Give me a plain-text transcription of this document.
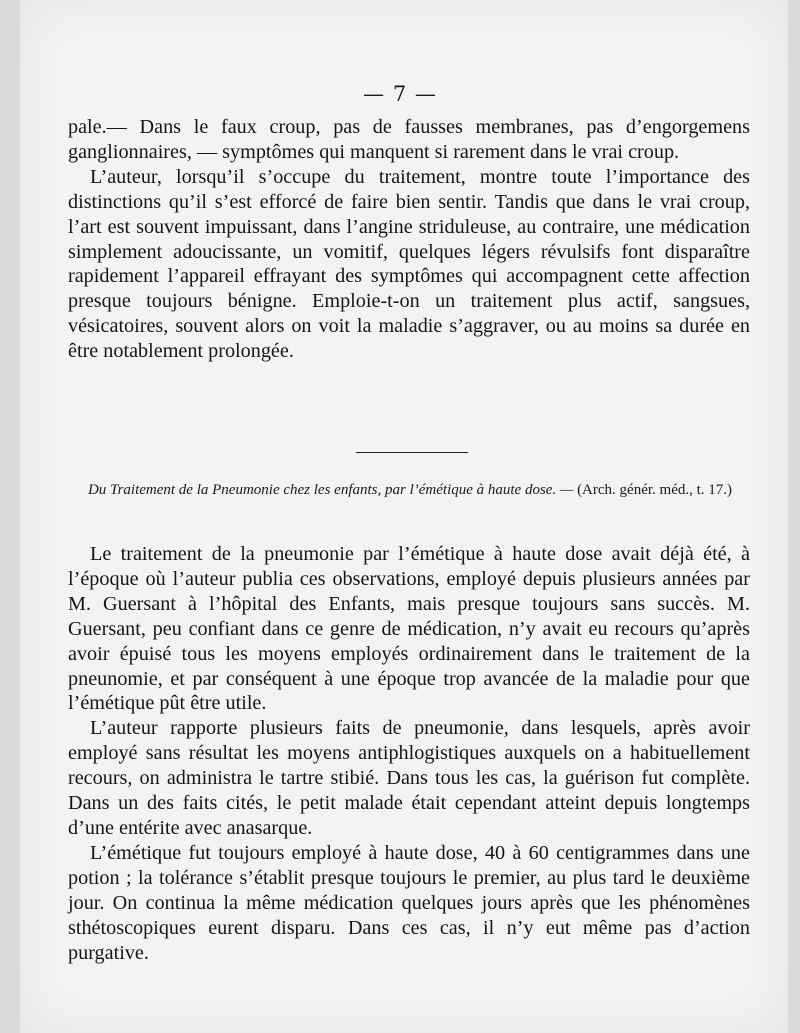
— 7 —

pale.— Dans le faux croup, pas de fausses membranes, pas d’engorgemens ganglionnaires, — symptômes qui manquent si rarement dans le vrai croup.

L’auteur, lorsqu’il s’occupe du traitement, montre toute l’importance des distinctions qu’il s’est efforcé de faire bien sentir. Tandis que dans le vrai croup, l’art est souvent impuissant, dans l’angine striduleuse, au contraire, une médication simplement adoucissante, un vomitif, quelques légers révulsifs font disparaître rapidement l’appareil effrayant des symptômes qui accompagnent cette affection presque toujours bénigne. Emploie-t-on un traitement plus actif, sangsues, vésicatoires, souvent alors on voit la maladie s’aggraver, ou au moins sa durée en être notablement prolongée.

Du Traitement de la Pneumonie chez les enfants, par l’émétique à haute dose. — (Arch. génér. méd., t. 17.)

Le traitement de la pneumonie par l’émétique à haute dose avait déjà été, à l’époque où l’auteur publia ces observations, employé depuis plusieurs années par M. Guersant à l’hôpital des Enfants, mais presque toujours sans succès. M. Guersant, peu confiant dans ce genre de médication, n’y avait eu recours qu’après avoir épuisé tous les moyens employés ordinairement dans le traitement de la pneunomie, et par conséquent à une époque trop avancée de la maladie pour que l’émétique pût être utile.

L’auteur rapporte plusieurs faits de pneumonie, dans lesquels, après avoir employé sans résultat les moyens antiphlogistiques auxquels on a habituellement recours, on administra le tartre stibié. Dans tous les cas, la guérison fut complète. Dans un des faits cités, le petit malade était cependant atteint depuis longtemps d’une entérite avec anasarque.

L’émétique fut toujours employé à haute dose, 40 à 60 centigrammes dans une potion ; la tolérance s’établit presque toujours le premier, au plus tard le deuxième jour. On continua la même médication quelques jours après que les phénomènes sthétoscopiques eurent disparu. Dans ces cas, il n’y eut même pas d’action purgative.
